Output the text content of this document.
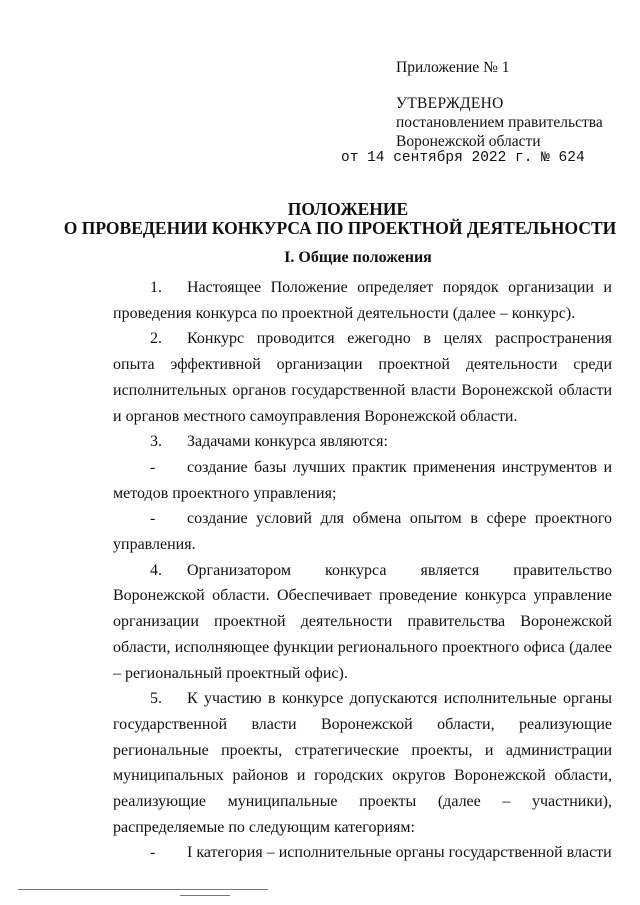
Приложение № 1
УТВЕРЖДЕНО
постановлением правительства
Воронежской области
от 14 сентября 2022 г. № 624
ПОЛОЖЕНИЕ
О ПРОВЕДЕНИИ КОНКУРСА ПО ПРОЕКТНОЙ ДЕЯТЕЛЬНОСТИ
I. Общие положения

1. Настоящее Положение определяет порядок организации и проведения конкурса по проектной деятельности (далее – конкурс).

2. Конкурс проводится ежегодно в целях распространения опыта эффективной организации проектной деятельности среди исполнительных органов государственной власти Воронежской области и органов местного самоуправления Воронежской области.

3. Задачами конкурса являются:

- создание базы лучших практик применения инструментов и методов проектного управления;

- создание условий для обмена опытом в сфере проектного управления.

4. Организатором конкурса является правительство Воронежской области. Обеспечивает проведение конкурса управление организации проектной деятельности правительства Воронежской области, исполняющее функции регионального проектного офиса (далее – региональный проектный офис).

5. К участию в конкурсе допускаются исполнительные органы государственной власти Воронежской области, реализующие региональные проекты, стратегические проекты, и администрации муниципальных районов и городских округов Воронежской области, реализующие муниципальные проекты (далее – участники), распределяемые по следующим категориям:

- I категория – исполнительные органы государственной власти
